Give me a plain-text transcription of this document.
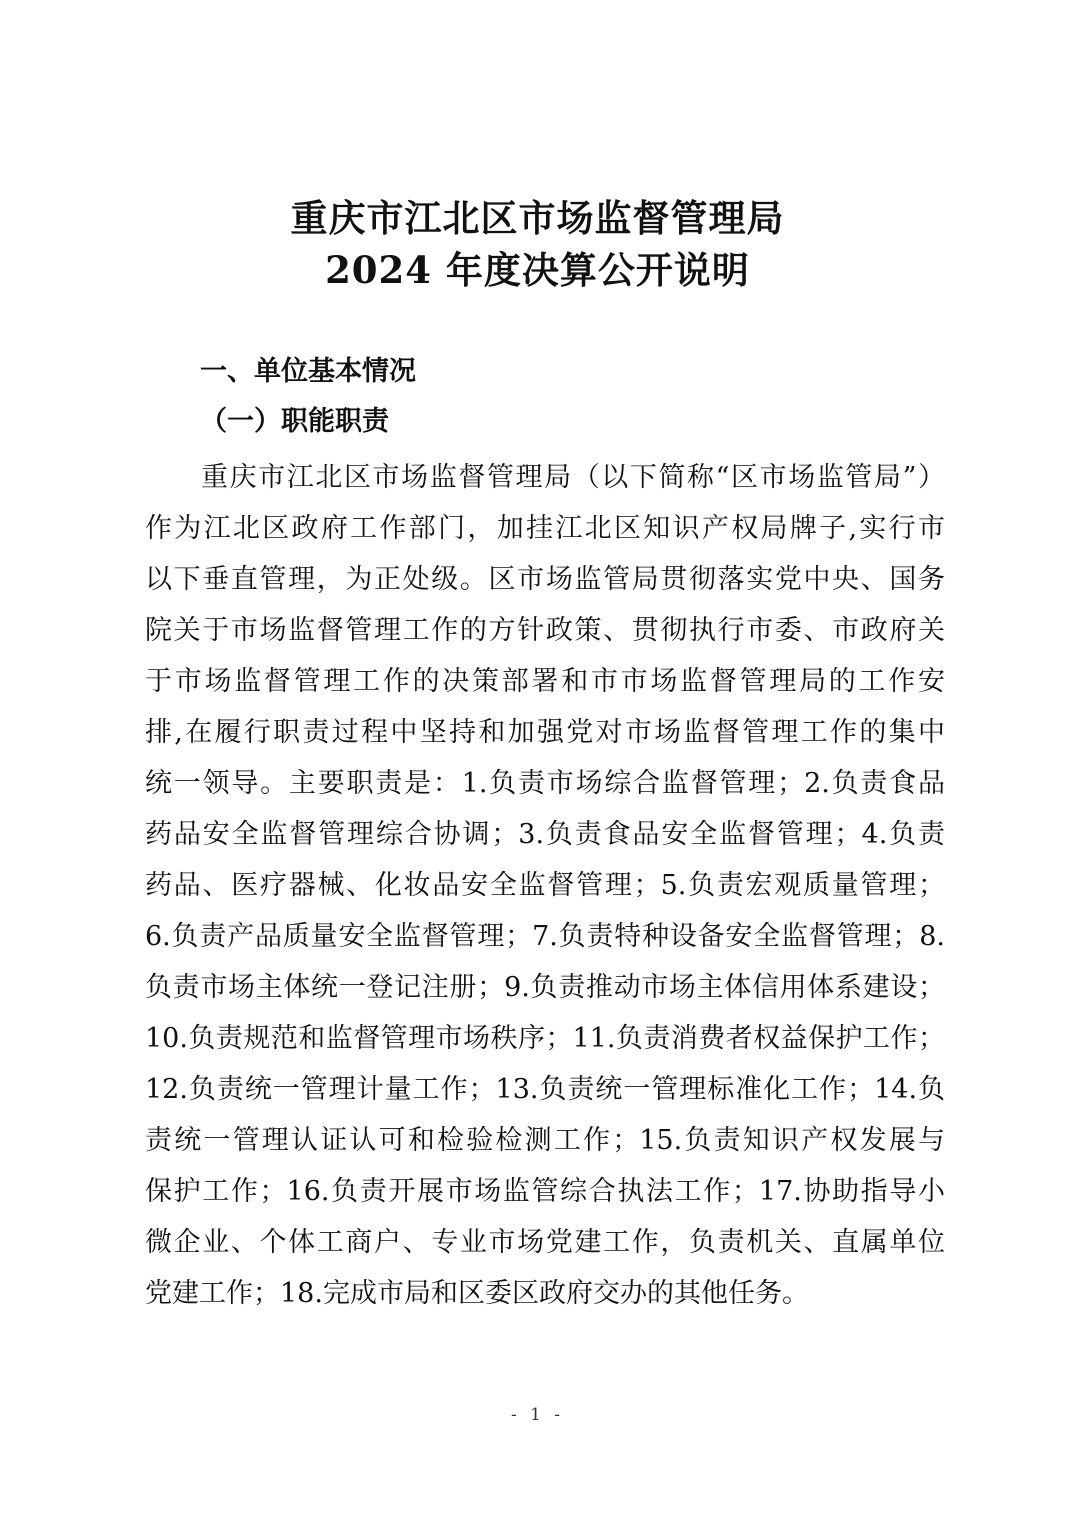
重庆市江北区市场监督管理局
2024 年度决算公开说明
一、单位基本情况
（一）职能职责
重庆市江北区市场监督管理局（以下简称“区市场监管局”）
作为江北区政府工作部门，加挂江北区知识产权局牌子,实行市
以下垂直管理，为正处级。区市场监管局贯彻落实党中央、国务
院关于市场监督管理工作的方针政策、贯彻执行市委、市政府关
于市场监督管理工作的决策部署和市市场监督管理局的工作安
排,在履行职责过程中坚持和加强党对市场监督管理工作的集中
统一领导。主要职责是：1.负责市场综合监督管理；2.负责食品
药品安全监督管理综合协调；3.负责食品安全监督管理；4.负责
药品、医疗器械、化妆品安全监督管理；5.负责宏观质量管理；
6.负责产品质量安全监督管理；7.负责特种设备安全监督管理；8.
负责市场主体统一登记注册；9.负责推动市场主体信用体系建设；
10.负责规范和监督管理市场秩序；11.负责消费者权益保护工作；
12.负责统一管理计量工作；13.负责统一管理标准化工作；14.负
责统一管理认证认可和检验检测工作；15.负责知识产权发展与
保护工作；16.负责开展市场监管综合执法工作；17.协助指导小
微企业、个体工商户、专业市场党建工作，负责机关、直属单位
党建工作；18.完成市局和区委区政府交办的其他任务。
- 1 -
